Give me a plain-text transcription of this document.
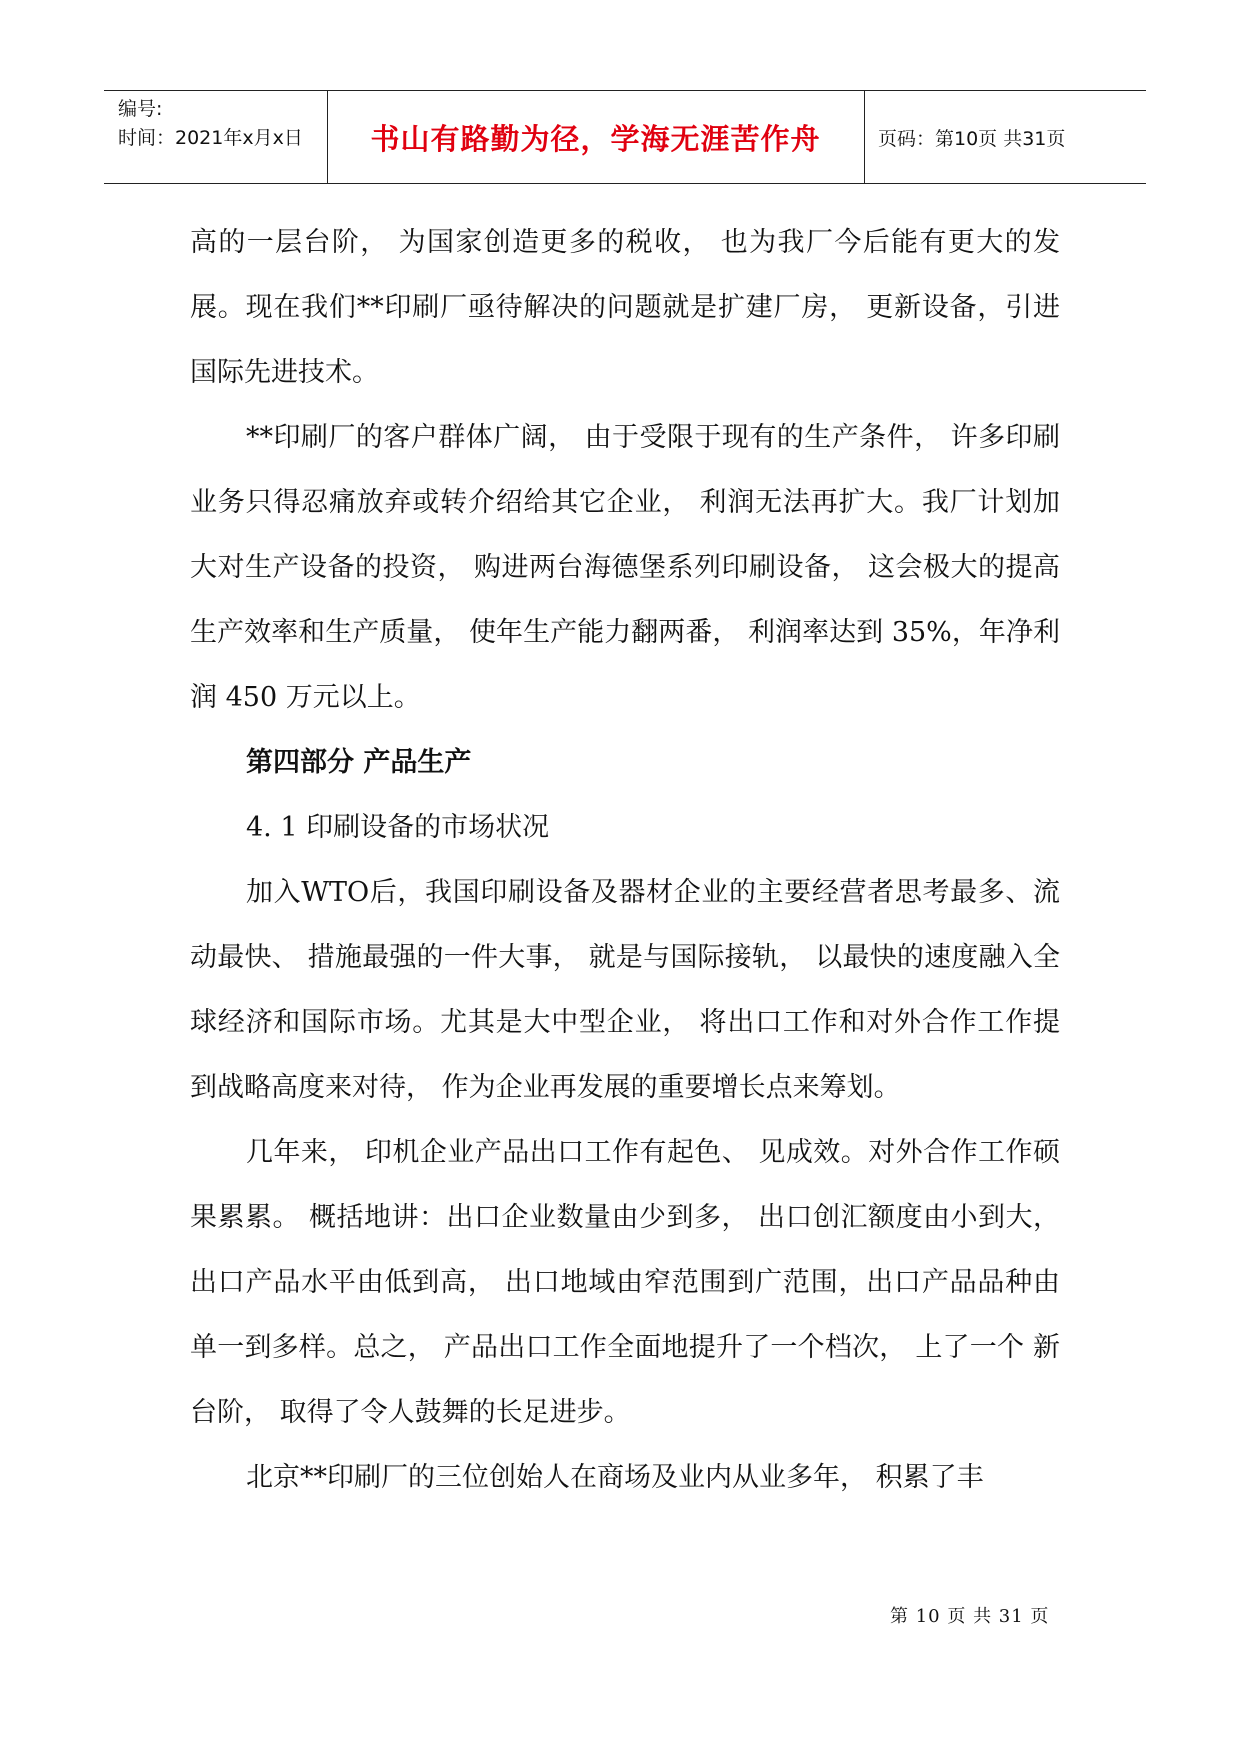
编号:
时间：2021年x月x日	书山有路勤为径，学海无涯苦作舟	页码：第10页 共31页

高的一层台阶， 为国家创造更多的税收， 也为我厂今后能有更大的发展。现在我们**印刷厂亟待解决的问题就是扩建厂房， 更新设备，引进国际先进技术。

**印刷厂的客户群体广阔， 由于受限于现有的生产条件， 许多印刷业务只得忍痛放弃或转介绍给其它企业， 利润无法再扩大。我厂计划加大对生产设备的投资， 购进两台海德堡系列印刷设备， 这会极大的提高生产效率和生产质量， 使年生产能力翻两番， 利润率达到 35%，年净利润 450 万元以上。

第四部分 产品生产

4. 1 印刷设备的市场状况

加入WTO后，我国印刷设备及器材企业的主要经营者思考最多、流动最快、 措施最强的一件大事， 就是与国际接轨， 以最快的速度融入全球经济和国际市场。尤其是大中型企业， 将出口工作和对外合作工作提到战略高度来对待， 作为企业再发展的重要增长点来筹划。

几年来， 印机企业产品出口工作有起色、 见成效。对外合作工作硕果累累。 概括地讲：出口企业数量由少到多， 出口创汇额度由小到大， 出口产品水平由低到高， 出口地域由窄范围到广范围，出口产品品种由单一到多样。总之， 产品出口工作全面地提升了一个档次， 上了一个 新台阶， 取得了令人鼓舞的长足进步。

北京**印刷厂的三位创始人在商场及业内从业多年， 积累了丰

第 10 页 共 31 页
